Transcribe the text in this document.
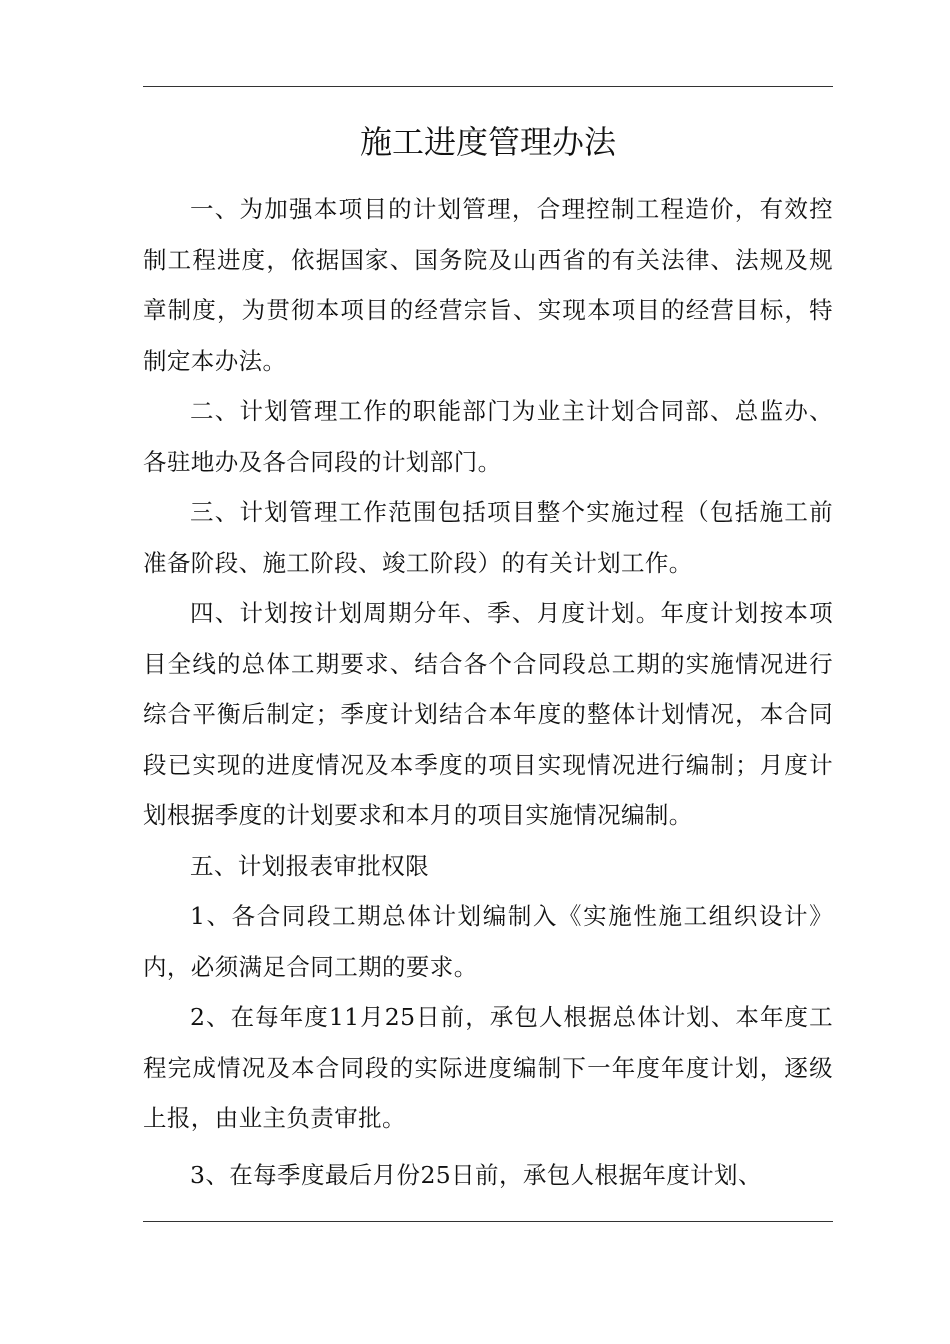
施工进度管理办法

一、为加强本项目的计划管理，合理控制工程造价，有效控制工程进度，依据国家、国务院及山西省的有关法律、法规及规章制度，为贯彻本项目的经营宗旨、实现本项目的经营目标，特制定本办法。

二、计划管理工作的职能部门为业主计划合同部、总监办、各驻地办及各合同段的计划部门。

三、计划管理工作范围包括项目整个实施过程（包括施工前准备阶段、施工阶段、竣工阶段）的有关计划工作。

四、计划按计划周期分年、季、月度计划。年度计划按本项目全线的总体工期要求、结合各个合同段总工期的实施情况进行综合平衡后制定；季度计划结合本年度的整体计划情况，本合同段已实现的进度情况及本季度的项目实现情况进行编制；月度计划根据季度的计划要求和本月的项目实施情况编制。

五、计划报表审批权限

1、各合同段工期总体计划编制入《实施性施工组织设计》内，必须满足合同工期的要求。

2、在每年度11月25日前，承包人根据总体计划、本年度工程完成情况及本合同段的实际进度编制下一年度年度计划，逐级上报，由业主负责审批。

3、在每季度最后月份25日前，承包人根据年度计划、
